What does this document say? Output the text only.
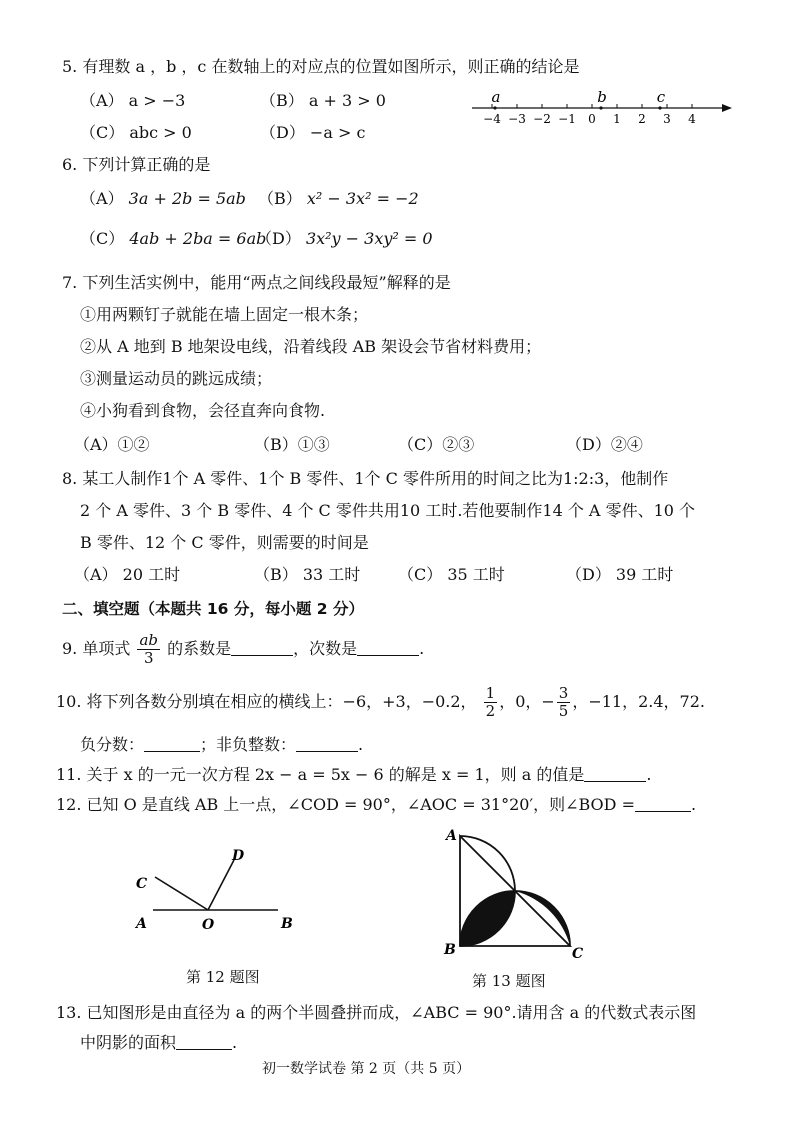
5. 有理数 a ，b ，c 在数轴上的对应点的位置如图所示，则正确的结论是
（A） a > −3	（B） a + 3 > 0
（C） abc > 0	（D） −a > c
−4 −3 −2 −1 0 1 2 3 4
a	b	c
6. 下列计算正确的是
（A） 3a + 2b = 5ab （B） x² − 3x² = −2
（C） 4ab + 2ba = 6ab
（D） 3x²y − 3xy² = 0
7. 下列生活实例中，能用“两点之间线段最短”解释的是
①用两颗钉子就能在墙上固定一根木条；
②从 A 地到 B 地架设电线，沿着线段 AB 架设会节省材料费用；
③测量运动员的跳远成绩；
④小狗看到食物，会径直奔向食物.
（A）①②	（B）①③	（C）②③	（D）②④
8. 某工人制作1个 A 零件、1个 B 零件、1个 C 零件所用的时间之比为1:2:3，他制作
2 个 A 零件、3 个 B 零件、4 个 C 零件共用10 工时.若他要制作14 个 A 零件、10 个
B 零件、12 个 C 零件，则需要的时间是
（A） 20 工时	（B） 33 工时 （C） 35 工时	（D） 39 工时
二、填空题（本题共 16 分，每小题 2 分）
9. 单项式 $\frac{ab}{3}$ 的系数是	，次数是	.
10. 将下列各数分别填在相应的横线上：−6，+3，−0.2， $\frac{1}{2}$ ，0，− $\frac{3}{5}$ ，−11，2.4，72.
负分数：	；非负整数：	.
11. 关于 x 的一元一次方程 2x − a = 5x − 6 的解是 x = 1，则 a 的值是	.
12. 已知 O 是直线 AB 上一点，∠COD = 90°，∠AOC = 31°20′，则∠BOD =	.
C
D
A	O	B
第 12 题图
A
B	C
第 13 题图
13. 已知图形是由直径为 a 的两个半圆叠拼而成，∠ABC = 90°.请用含 a 的代数式表示图
中阴影的面积	.
初一数学试卷 第 2 页（共 5 页）
